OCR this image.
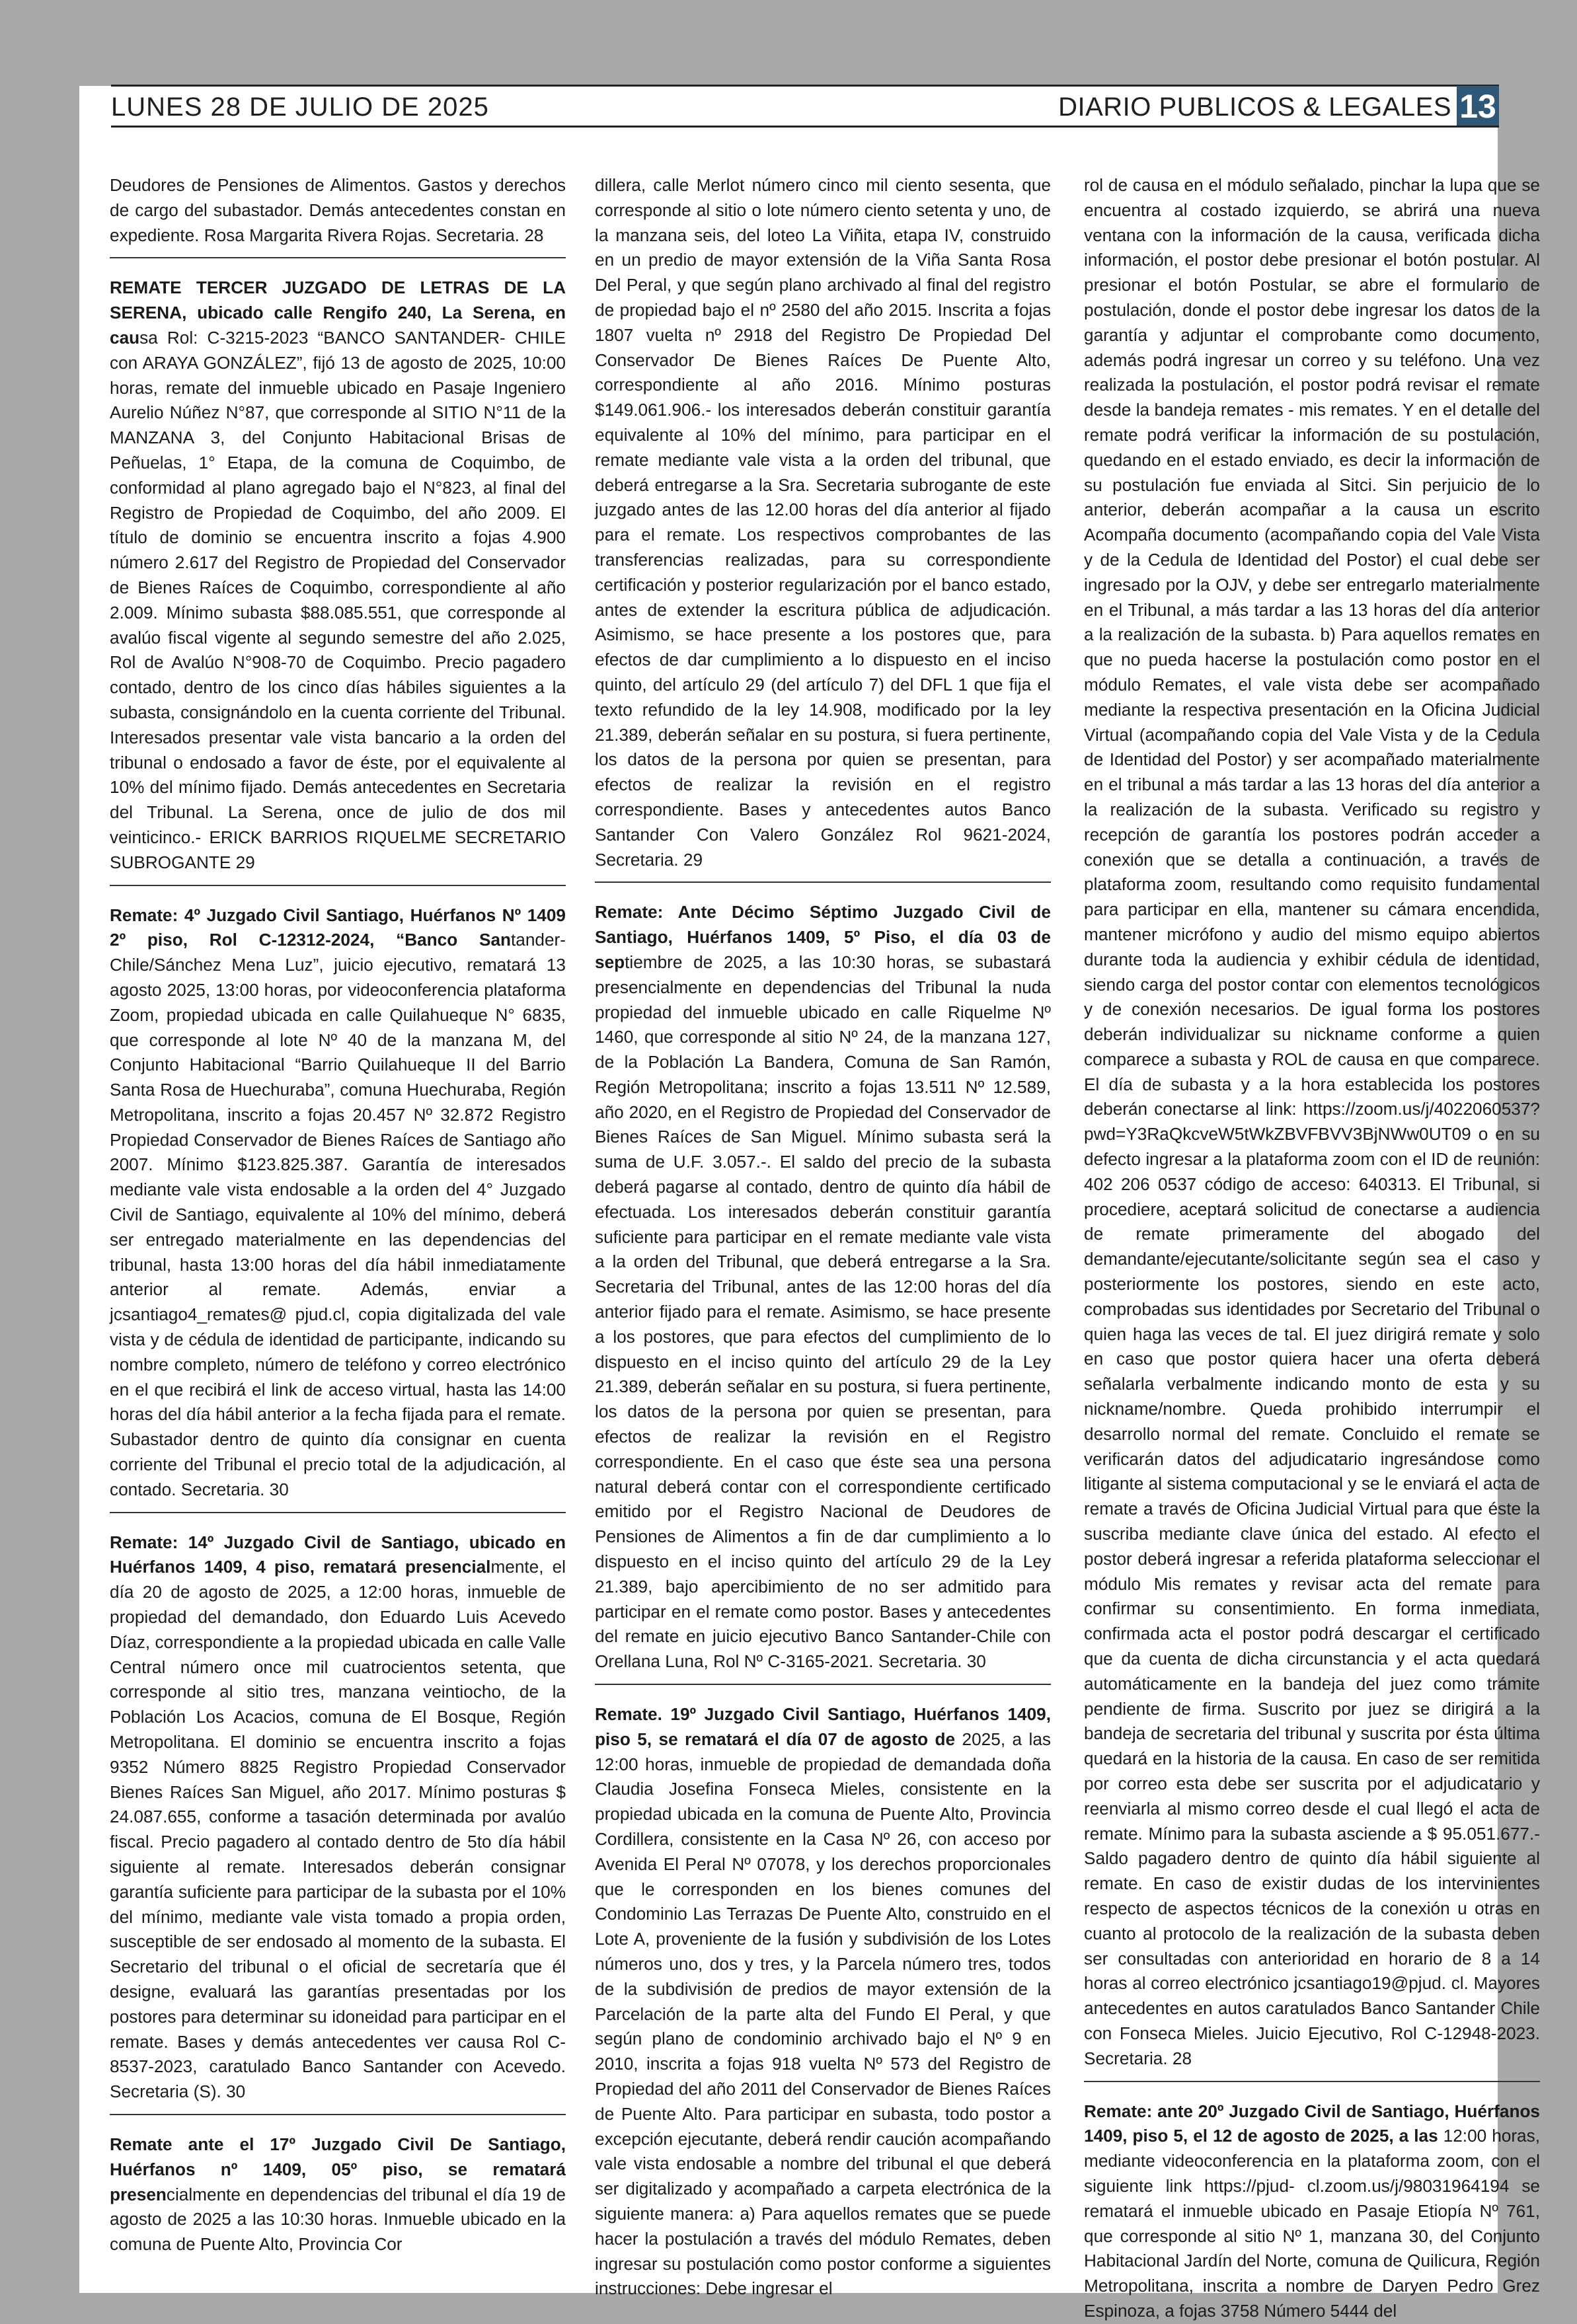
LUNES 28 DE JULIO DE 2025	DIARIO PUBLICOS & LEGALES 13

Deudores de Pensiones de Alimentos. Gastos y derechos de cargo del subastador. Demás antecedentes constan en expediente. Rosa Margarita Rivera Rojas. Secretaria. 28

REMATE TERCER JUZGADO DE LETRAS DE LA SERENA, ubicado calle Rengifo 240, La Serena, en causa Rol: C-3215-2023 “BANCO SANTANDER- CHILE con ARAYA GONZÁLEZ”, fijó 13 de agosto de 2025, 10:00 horas, remate del inmueble ubicado en Pasaje Ingeniero Aurelio Núñez N°87, que corresponde al SITIO N°11 de la MANZANA 3, del Conjunto Habitacional Brisas de Peñuelas, 1° Etapa, de la comuna de Coquimbo, de conformidad al plano agregado bajo el N°823, al final del Registro de Propiedad de Coquimbo, del año 2009. El título de dominio se encuentra inscrito a fojas 4.900 número 2.617 del Registro de Propiedad del Conservador de Bienes Raíces de Coquimbo, correspondiente al año 2.009. Mínimo subasta $88.085.551, que corresponde al avalúo fiscal vigente al segundo semestre del año 2.025, Rol de Avalúo N°908-70 de Coquimbo. Precio pagadero contado, dentro de los cinco días hábiles siguientes a la subasta, consignándolo en la cuenta corriente del Tribunal. Interesados presentar vale vista bancario a la orden del tribunal o endosado a favor de éste, por el equivalente al 10% del mínimo fijado. Demás antecedentes en Secretaria del Tribunal. La Serena, once de julio de dos mil veinticinco.- ERICK BARRIOS RIQUELME SECRETARIO SUBROGANTE 29

Remate: 4º Juzgado Civil Santiago, Huérfanos Nº 1409 2º piso, Rol C-12312-2024, “Banco Santander-Chile/Sánchez Mena Luz”, juicio ejecutivo, rematará 13 agosto 2025, 13:00 horas, por videoconferencia plataforma Zoom, propiedad ubicada en calle Quilahueque N° 6835, que corresponde al lote Nº 40 de la manzana M, del Conjunto Habitacional “Barrio Quilahueque II del Barrio Santa Rosa de Huechuraba”, comuna Huechuraba, Región Metropolitana, inscrito a fojas 20.457 Nº 32.872 Registro Propiedad Conservador de Bienes Raíces de Santiago año 2007. Mínimo $123.825.387. Garantía de interesados mediante vale vista endosable a la orden del 4° Juzgado Civil de Santiago, equivalente al 10% del mínimo, deberá ser entregado materialmente en las dependencias del tribunal, hasta 13:00 horas del día hábil inmediatamente anterior al remate. Además, enviar a jcsantiago4_remates@ pjud.cl, copia digitalizada del vale vista y de cédula de identidad de participante, indicando su nombre completo, número de teléfono y correo electrónico en el que recibirá el link de acceso virtual, hasta las 14:00 horas del día hábil anterior a la fecha fijada para el remate. Subastador dentro de quinto día consignar en cuenta corriente del Tribunal el precio total de la adjudicación, al contado. Secretaria. 30

Remate: 14º Juzgado Civil de Santiago, ubicado en Huérfanos 1409, 4 piso, rematará presencialmente, el día 20 de agosto de 2025, a 12:00 horas, inmueble de propiedad del demandado, don Eduardo Luis Acevedo Díaz, correspondiente a la propiedad ubicada en calle Valle Central número once mil cuatrocientos setenta, que corresponde al sitio tres, manzana veintiocho, de la Población Los Acacios, comuna de El Bosque, Región Metropolitana. El dominio se encuentra inscrito a fojas 9352 Número 8825 Registro Propiedad Conservador Bienes Raíces San Miguel, año 2017. Mínimo posturas $ 24.087.655, conforme a tasación determinada por avalúo fiscal. Precio pagadero al contado dentro de 5to día hábil siguiente al remate. Interesados deberán consignar garantía suficiente para participar de la subasta por el 10% del mínimo, mediante vale vista tomado a propia orden, susceptible de ser endosado al momento de la subasta. El Secretario del tribunal o el oficial de secretaría que él designe, evaluará las garantías presentadas por los postores para determinar su idoneidad para participar en el remate. Bases y demás antecedentes ver causa Rol C-8537-2023, caratulado Banco Santander con Acevedo. Secretaria (S). 30

Remate ante el 17º Juzgado Civil De Santiago, Huérfanos nº 1409, 05º piso, se rematará presencialmente en dependencias del tribunal el día 19 de agosto de 2025 a las 10:30 horas. Inmueble ubicado en la comuna de Puente Alto, Provincia Cor

dillera, calle Merlot número cinco mil ciento sesenta, que corresponde al sitio o lote número ciento setenta y uno, de la manzana seis, del loteo La Viñita, etapa IV, construido en un predio de mayor extensión de la Viña Santa Rosa Del Peral, y que según plano archivado al final del registro de propiedad bajo el nº 2580 del año 2015. Inscrita a fojas 1807 vuelta nº 2918 del Registro De Propiedad Del Conservador De Bienes Raíces De Puente Alto, correspondiente al año 2016. Mínimo posturas $149.061.906.- los interesados deberán constituir garantía equivalente al 10% del mínimo, para participar en el remate mediante vale vista a la orden del tribunal, que deberá entregarse a la Sra. Secretaria subrogante de este juzgado antes de las 12.00 horas del día anterior al fijado para el remate. Los respectivos comprobantes de las transferencias realizadas, para su correspondiente certificación y posterior regularización por el banco estado, antes de extender la escritura pública de adjudicación. Asimismo, se hace presente a los postores que, para efectos de dar cumplimiento a lo dispuesto en el inciso quinto, del artículo 29 (del artículo 7) del DFL 1 que fija el texto refundido de la ley 14.908, modificado por la ley 21.389, deberán señalar en su postura, si fuera pertinente, los datos de la persona por quien se presentan, para efectos de realizar la revisión en el registro correspondiente. Bases y antecedentes autos Banco Santander Con Valero González Rol 9621-2024, Secretaria. 29

Remate: Ante Décimo Séptimo Juzgado Civil de Santiago, Huérfanos 1409, 5º Piso, el día 03 de septiembre de 2025, a las 10:30 horas, se subastará presencialmente en dependencias del Tribunal la nuda propiedad del inmueble ubicado en calle Riquelme Nº 1460, que corresponde al sitio Nº 24, de la manzana 127, de la Población La Bandera, Comuna de San Ramón, Región Metropolitana; inscrito a fojas 13.511 Nº 12.589, año 2020, en el Registro de Propiedad del Conservador de Bienes Raíces de San Miguel. Mínimo subasta será la suma de U.F. 3.057.-. El saldo del precio de la subasta deberá pagarse al contado, dentro de quinto día hábil de efectuada. Los interesados deberán constituir garantía suficiente para participar en el remate mediante vale vista a la orden del Tribunal, que deberá entregarse a la Sra. Secretaria del Tribunal, antes de las 12:00 horas del día anterior fijado para el remate. Asimismo, se hace presente a los postores, que para efectos del cumplimiento de lo dispuesto en el inciso quinto del artículo 29 de la Ley 21.389, deberán señalar en su postura, si fuera pertinente, los datos de la persona por quien se presentan, para efectos de realizar la revisión en el Registro correspondiente. En el caso que éste sea una persona natural deberá contar con el correspondiente certificado emitido por el Registro Nacional de Deudores de Pensiones de Alimentos a fin de dar cumplimiento a lo dispuesto en el inciso quinto del artículo 29 de la Ley 21.389, bajo apercibimiento de no ser admitido para participar en el remate como postor. Bases y antecedentes del remate en juicio ejecutivo Banco Santander-Chile con Orellana Luna, Rol Nº C-3165-2021. Secretaria. 30

Remate. 19º Juzgado Civil Santiago, Huérfanos 1409, piso 5, se rematará el día 07 de agosto de 2025, a las 12:00 horas, inmueble de propiedad de demandada doña Claudia Josefina Fonseca Mieles, consistente en la propiedad ubicada en la comuna de Puente Alto, Provincia Cordillera, consistente en la Casa Nº 26, con acceso por Avenida El Peral Nº 07078, y los derechos proporcionales que le corresponden en los bienes comunes del Condominio Las Terrazas De Puente Alto, construido en el Lote A, proveniente de la fusión y subdivisión de los Lotes números uno, dos y tres, y la Parcela número tres, todos de la subdivisión de predios de mayor extensión de la Parcelación de la parte alta del Fundo El Peral, y que según plano de condominio archivado bajo el Nº 9 en 2010, inscrita a fojas 918 vuelta Nº 573 del Registro de Propiedad del año 2011 del Conservador de Bienes Raíces de Puente Alto. Para participar en subasta, todo postor a excepción ejecutante, deberá rendir caución acompañando vale vista endosable a nombre del tribunal el que deberá ser digitalizado y acompañado a carpeta electrónica de la siguiente manera: a) Para aquellos remates que se puede hacer la postulación a través del módulo Remates, deben ingresar su postulación como postor conforme a siguientes instrucciones: Debe ingresar el

rol de causa en el módulo señalado, pinchar la lupa que se encuentra al costado izquierdo, se abrirá una nueva ventana con la información de la causa, verificada dicha información, el postor debe presionar el botón postular. Al presionar el botón Postular, se abre el formulario de postulación, donde el postor debe ingresar los datos de la garantía y adjuntar el comprobante como documento, además podrá ingresar un correo y su teléfono. Una vez realizada la postulación, el postor podrá revisar el remate desde la bandeja remates - mis remates. Y en el detalle del remate podrá verificar la información de su postulación, quedando en el estado enviado, es decir la información de su postulación fue enviada al Sitci. Sin perjuicio de lo anterior, deberán acompañar a la causa un escrito Acompaña documento (acompañando copia del Vale Vista y de la Cedula de Identidad del Postor) el cual debe ser ingresado por la OJV, y debe ser entregarlo materialmente en el Tribunal, a más tardar a las 13 horas del día anterior a la realización de la subasta. b) Para aquellos remates en que no pueda hacerse la postulación como postor en el módulo Remates, el vale vista debe ser acompañado mediante la respectiva presentación en la Oficina Judicial Virtual (acompañando copia del Vale Vista y de la Cedula de Identidad del Postor) y ser acompañado materialmente en el tribunal a más tardar a las 13 horas del día anterior a la realización de la subasta. Verificado su registro y recepción de garantía los postores podrán acceder a conexión que se detalla a continuación, a través de plataforma zoom, resultando como requisito fundamental para participar en ella, mantener su cámara encendida, mantener micrófono y audio del mismo equipo abiertos durante toda la audiencia y exhibir cédula de identidad, siendo carga del postor contar con elementos tecnológicos y de conexión necesarios. De igual forma los postores deberán individualizar su nickname conforme a quien comparece a subasta y ROL de causa en que comparece. El día de subasta y a la hora establecida los postores deberán conectarse al link: https://zoom.us/j/4022060537?pwd=Y3RaQkcveW5tWkZBVFBVV3BjNWw0UT09 o en su defecto ingresar a la plataforma zoom con el ID de reunión: 402 206 0537 código de acceso: 640313. El Tribunal, si procediere, aceptará solicitud de conectarse a audiencia de remate primeramente del abogado del demandante/ejecutante/solicitante según sea el caso y posteriormente los postores, siendo en este acto, comprobadas sus identidades por Secretario del Tribunal o quien haga las veces de tal. El juez dirigirá remate y solo en caso que postor quiera hacer una oferta deberá señalarla verbalmente indicando monto de esta y su nickname/nombre. Queda prohibido interrumpir el desarrollo normal del remate. Concluido el remate se verificarán datos del adjudicatario ingresándose como litigante al sistema computacional y se le enviará el acta de remate a través de Oficina Judicial Virtual para que éste la suscriba mediante clave única del estado. Al efecto el postor deberá ingresar a referida plataforma seleccionar el módulo Mis remates y revisar acta del remate para confirmar su consentimiento. En forma inmediata, confirmada acta el postor podrá descargar el certificado que da cuenta de dicha circunstancia y el acta quedará automáticamente en la bandeja del juez como trámite pendiente de firma. Suscrito por juez se dirigirá a la bandeja de secretaria del tribunal y suscrita por ésta última quedará en la historia de la causa. En caso de ser remitida por correo esta debe ser suscrita por el adjudicatario y reenviarla al mismo correo desde el cual llegó el acta de remate. Mínimo para la subasta asciende a $ 95.051.677.- Saldo pagadero dentro de quinto día hábil siguiente al remate. En caso de existir dudas de los intervinientes respecto de aspectos técnicos de la conexión u otras en cuanto al protocolo de la realización de la subasta deben ser consultadas con anterioridad en horario de 8 a 14 horas al correo electrónico jcsantiago19@pjud. cl. Mayores antecedentes en autos caratulados Banco Santander Chile con Fonseca Mieles. Juicio Ejecutivo, Rol C-12948-2023. Secretaria. 28

Remate: ante 20º Juzgado Civil de Santiago, Huérfanos 1409, piso 5, el 12 de agosto de 2025, a las 12:00 horas, mediante videoconferencia en la plataforma zoom, con el siguiente link https://pjud- cl.zoom.us/j/98031964194 se rematará el inmueble ubicado en Pasaje Etiopía Nº 761, que corresponde al sitio Nº 1, manzana 30, del Conjunto Habitacional Jardín del Norte, comuna de Quilicura, Región Metropolitana, inscrita a nombre de Daryen Pedro Grez Espinoza, a fojas 3758 Número 5444 del
